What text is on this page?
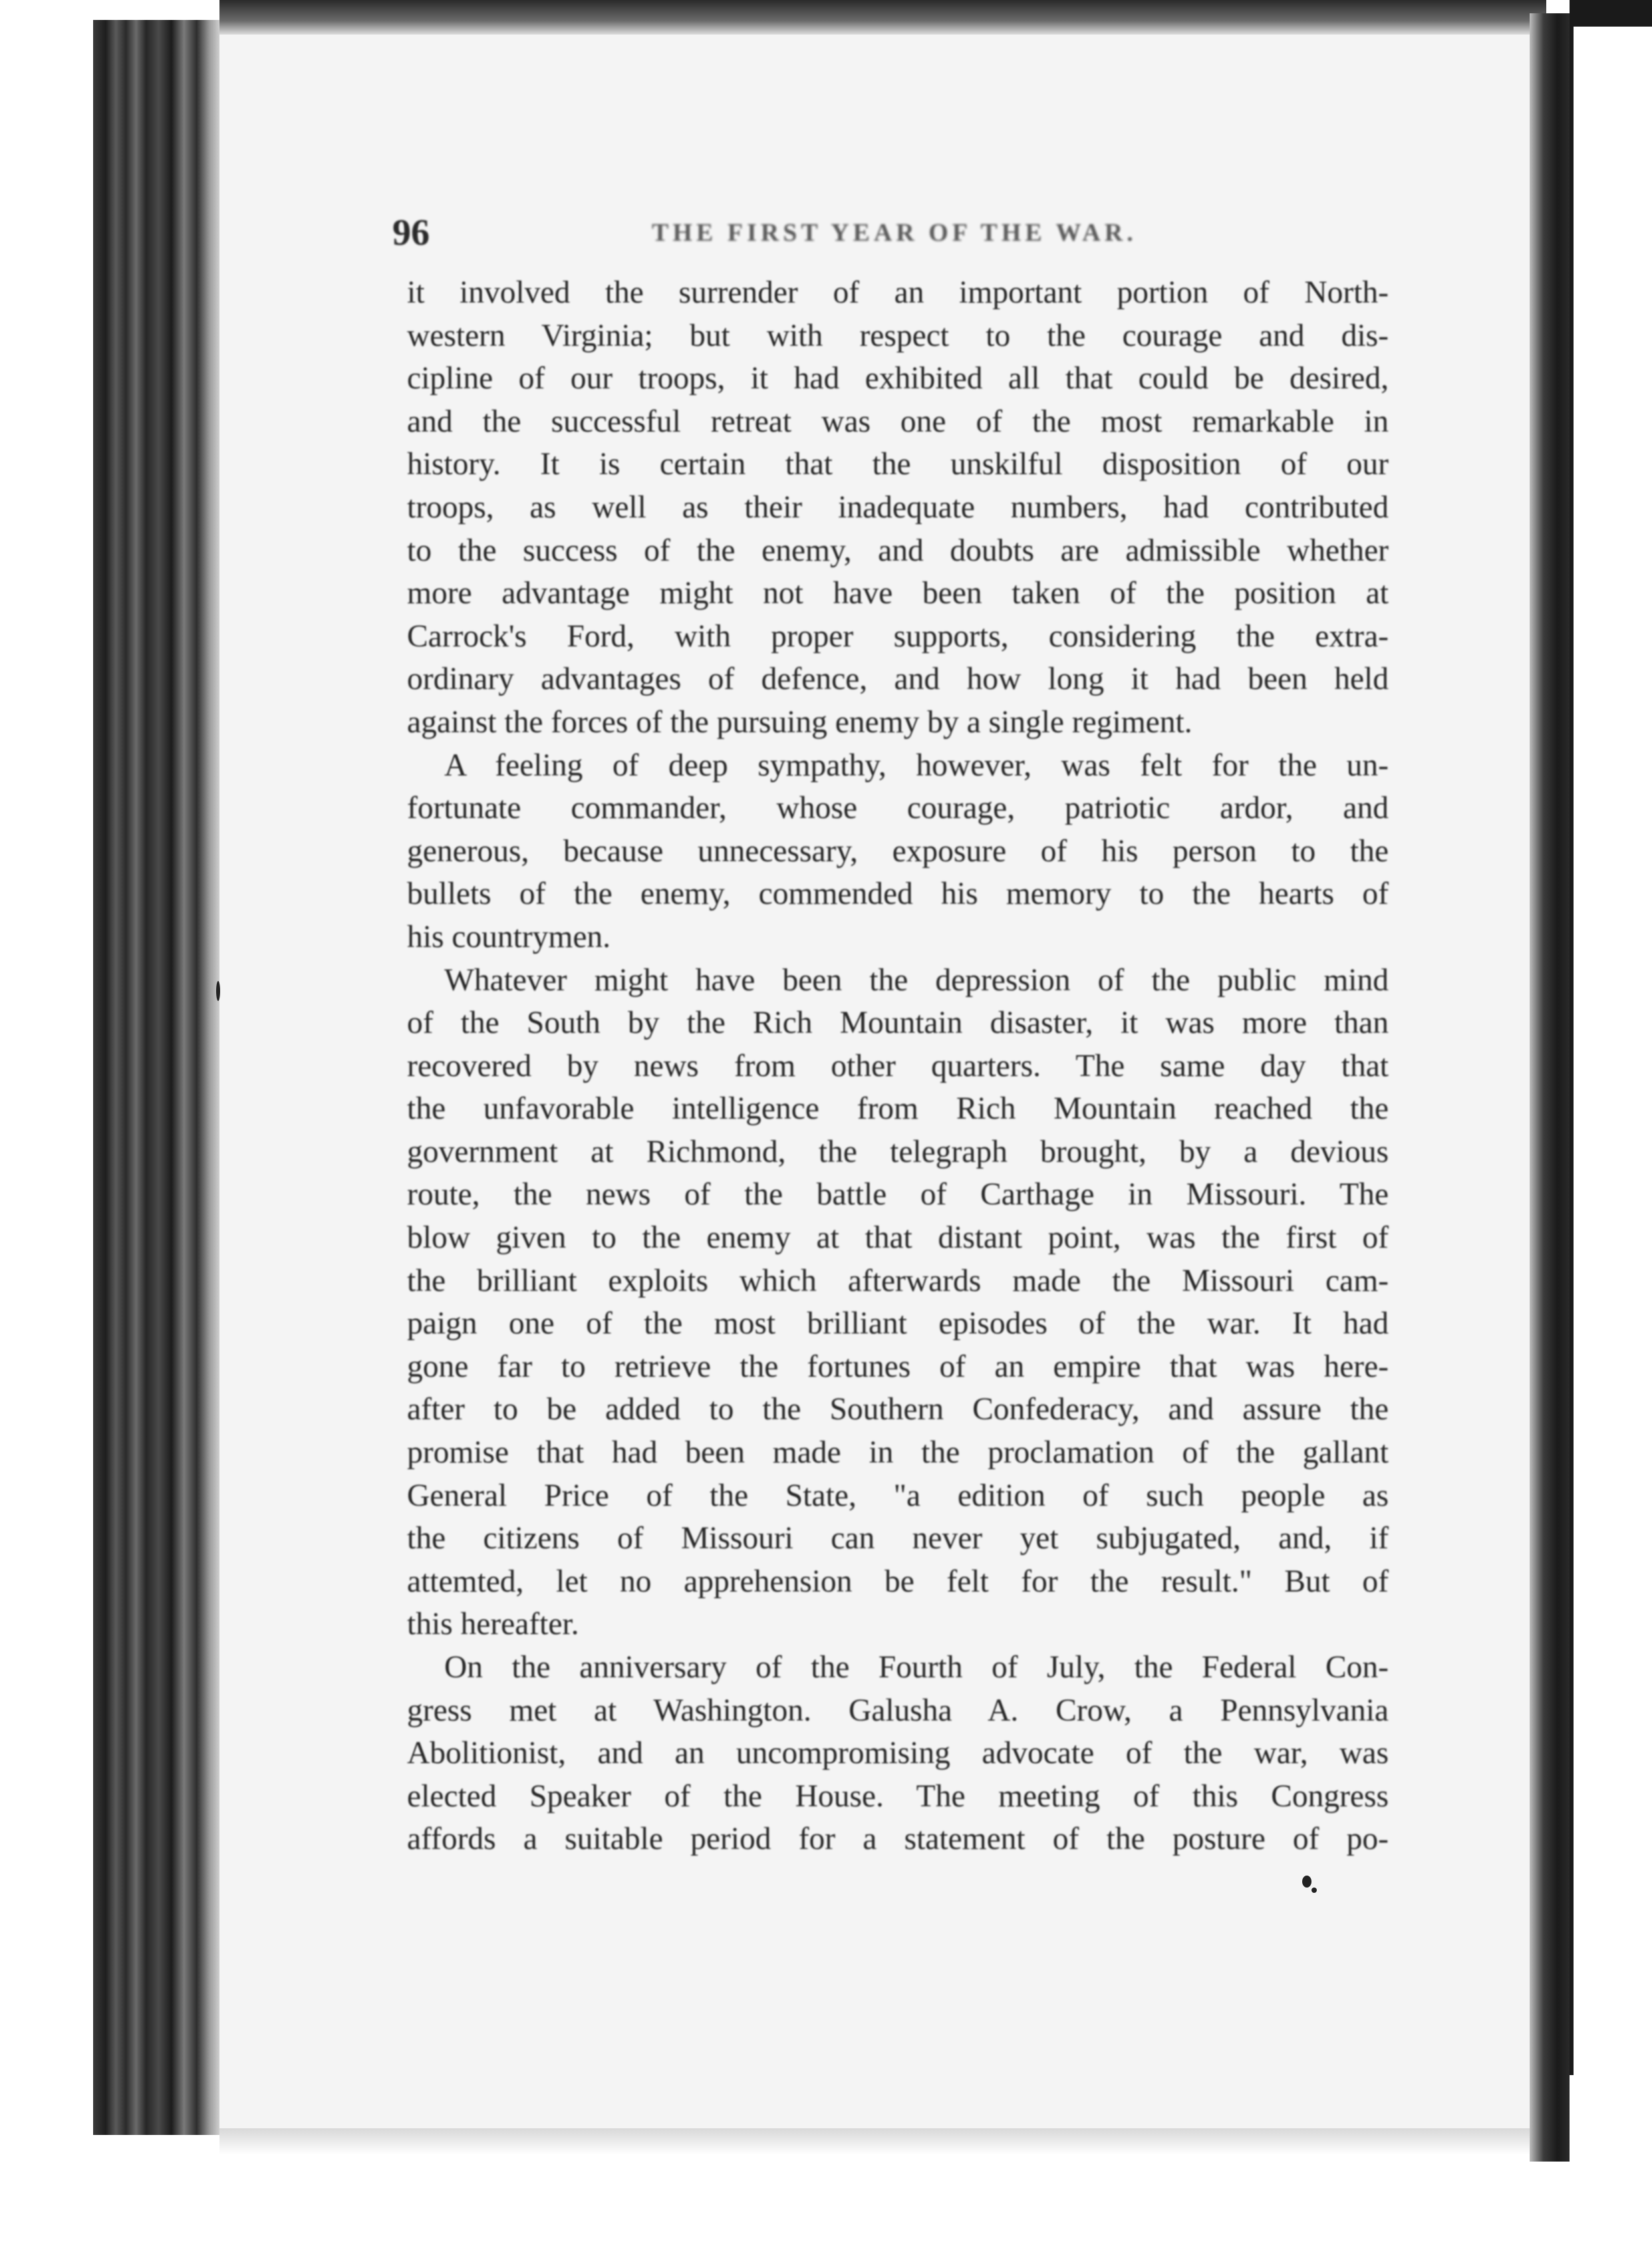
96	THE FIRST YEAR OF THE WAR.
it involved the surrender of an important portion of North-
western Virginia; but with respect to the courage and dis-
cipline of our troops, it had exhibited all that could be desired,
and the successful retreat was one of the most remarkable in
history. It is certain that the unskilful disposition of our
troops, as well as their inadequate numbers, had contributed
to the success of the enemy, and doubts are admissible whether
more advantage might not have been taken of the position at
Carrock's Ford, with proper supports, considering the extra-
ordinary advantages of defence, and how long it had been held
against the forces of the pursuing enemy by a single regiment.
A feeling of deep sympathy, however, was felt for the un-
fortunate commander, whose courage, patriotic ardor, and
generous, because unnecessary, exposure of his person to the
bullets of the enemy, commended his memory to the hearts of
his countrymen.
Whatever might have been the depression of the public mind
of the South by the Rich Mountain disaster, it was more than
recovered by news from other quarters. The same day that
the unfavorable intelligence from Rich Mountain reached the
government at Richmond, the telegraph brought, by a devious
route, the news of the battle of Carthage in Missouri. The
blow given to the enemy at that distant point, was the first of
the brilliant exploits which afterwards made the Missouri cam-
paign one of the most brilliant episodes of the war. It had
gone far to retrieve the fortunes of an empire that was here-
after to be added to the Southern Confederacy, and assure the
promise that had been made in the proclamation of the gallant
General Price of the State, "a edition of such people as
the citizens of Missouri can never yet subjugated, and, if
attemted, let no apprehension be felt for the result." But of
this hereafter.
On the anniversary of the Fourth of July, the Federal Con-
gress met at Washington. Galusha A. Crow, a Pennsylvania
Abolitionist, and an uncompromising advocate of the war, was
elected Speaker of the House. The meeting of this Congress
affords a suitable period for a statement of the posture of po-
